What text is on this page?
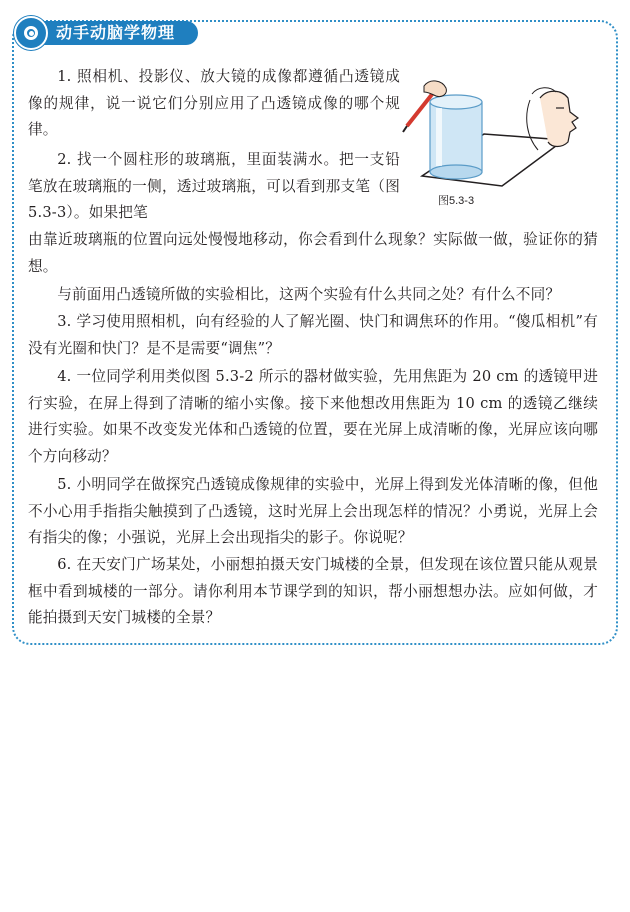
动手动脑学物理

1. 照相机、投影仪、放大镜的成像都遵循凸透镜成像的规律，说一说它们分别应用了凸透镜成像的哪个规律。

2. 找一个圆柱形的玻璃瓶，里面装满水。把一支铅笔放在玻璃瓶的一侧，透过玻璃瓶，可以看到那支笔（图 5.3-3）。如果把笔

由靠近玻璃瓶的位置向远处慢慢地移动，你会看到什么现象？实际做一做，验证你的猜想。

与前面用凸透镜所做的实验相比，这两个实验有什么共同之处？有什么不同？

3. 学习使用照相机，向有经验的人了解光圈、快门和调焦环的作用。“傻瓜相机”有没有光圈和快门？是不是需要“调焦”？

4. 一位同学利用类似图 5.3-2 所示的器材做实验，先用焦距为 20 cm 的透镜甲进行实验，在屏上得到了清晰的缩小实像。接下来他想改用焦距为 10 cm 的透镜乙继续进行实验。如果不改变发光体和凸透镜的位置，要在光屏上成清晰的像，光屏应该向哪个方向移动？

5. 小明同学在做探究凸透镜成像规律的实验中，光屏上得到发光体清晰的像，但他不小心用手指指尖触摸到了凸透镜，这时光屏上会出现怎样的情况？小勇说，光屏上会有指尖的像；小强说，光屏上会出现指尖的影子。你说呢？

6. 在天安门广场某处，小丽想拍摄天安门城楼的全景，但发现在该位置只能从观景框中看到城楼的一部分。请你利用本节课学到的知识，帮小丽想想办法。应如何做，才能拍摄到天安门城楼的全景？

图5.3-3
